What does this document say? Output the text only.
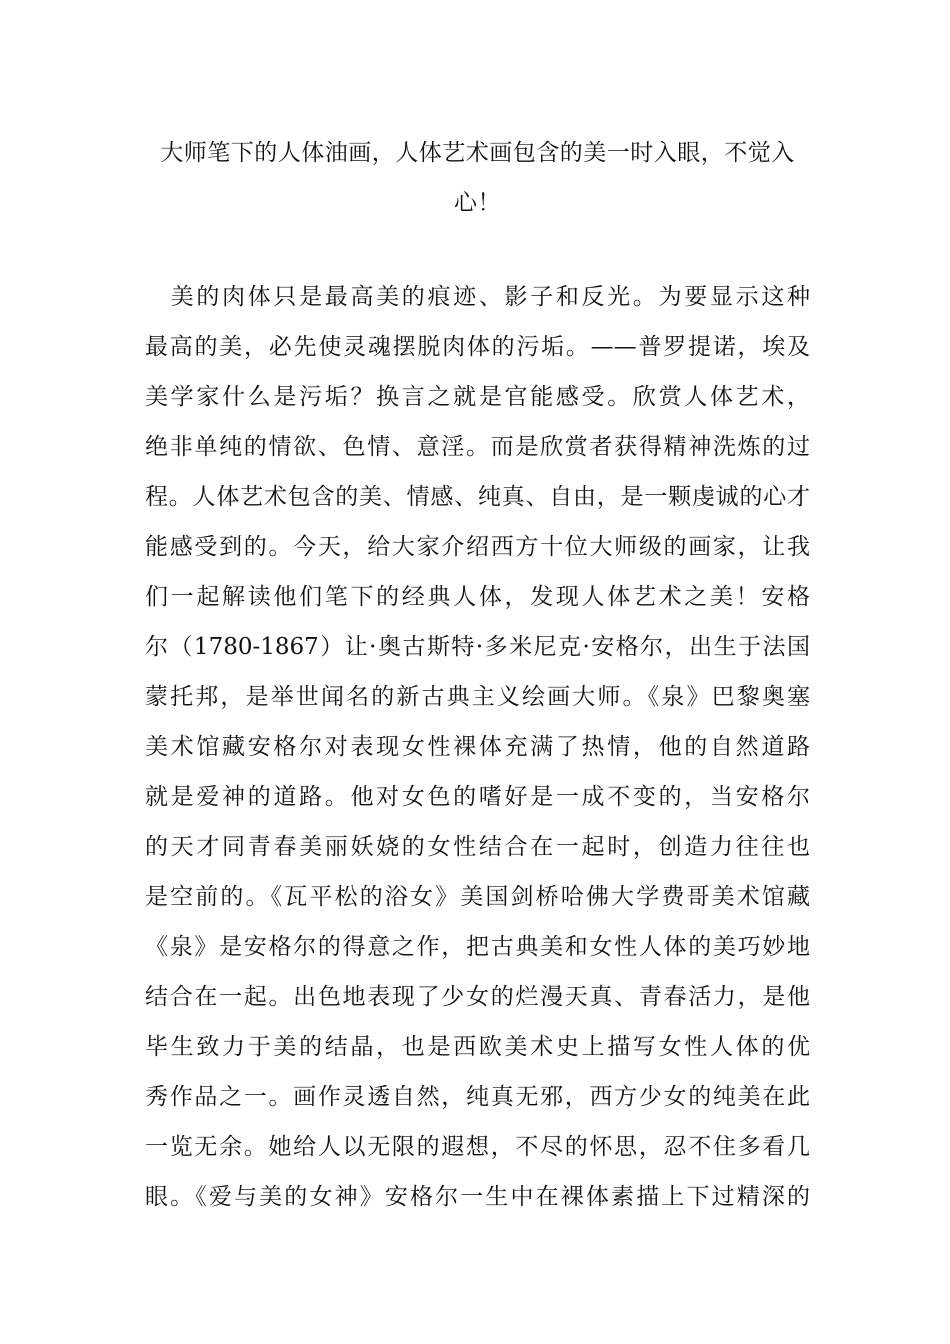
大师笔下的人体油画，人体艺术画包含的美一时入眼，不觉入心！
　美的肉体只是最高美的痕迹、影子和反光。为要显示这种
最高的美，必先使灵魂摆脱肉体的污垢。——普罗提诺，埃及
美学家什么是污垢？换言之就是官能感受。欣赏人体艺术，
绝非单纯的情欲、色情、意淫。而是欣赏者获得精神洗炼的过
程。人体艺术包含的美、情感、纯真、自由，是一颗虔诚的心才
能感受到的。今天，给大家介绍西方十位大师级的画家，让我
们一起解读他们笔下的经典人体，发现人体艺术之美！安格
尔（1780-1867）让·奥古斯特·多米尼克·安格尔，出生于法国
蒙托邦，是举世闻名的新古典主义绘画大师。《泉》巴黎奥塞
美术馆藏安格尔对表现女性裸体充满了热情，他的自然道路
就是爱神的道路。他对女色的嗜好是一成不变的，当安格尔
的天才同青春美丽妖娆的女性结合在一起时，创造力往往也
是空前的。《瓦平松的浴女》美国剑桥哈佛大学费哥美术馆藏
《泉》是安格尔的得意之作，把古典美和女性人体的美巧妙地
结合在一起。出色地表现了少女的烂漫天真、青春活力，是他
毕生致力于美的结晶，也是西欧美术史上描写女性人体的优
秀作品之一。画作灵透自然，纯真无邪，西方少女的纯美在此
一览无余。她给人以无限的遐想，不尽的怀思，忍不住多看几
眼。《爱与美的女神》安格尔一生中在裸体素描上下过精深的
